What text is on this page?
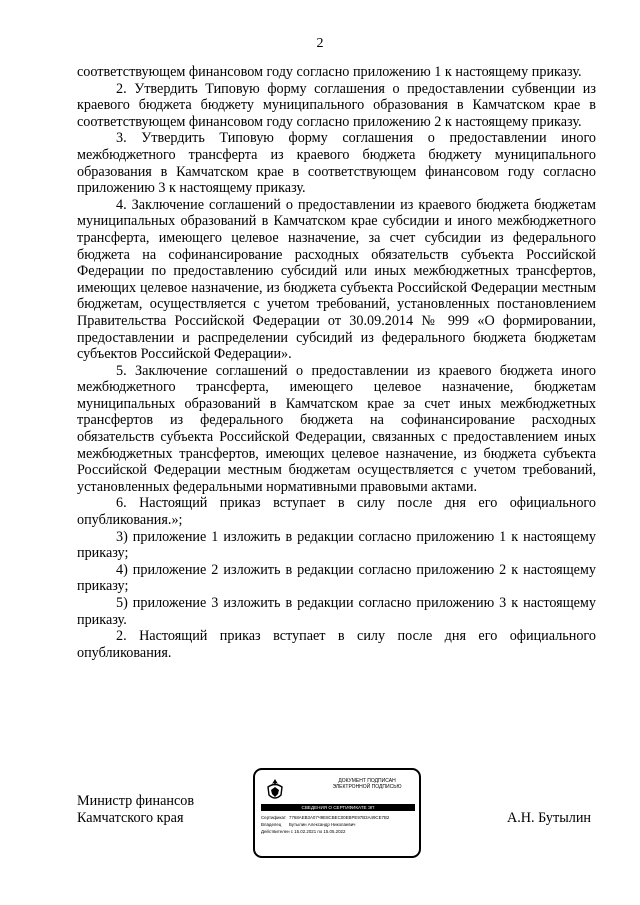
2

соответствующем финансовом году согласно приложению 1 к настоящему приказу.

2. Утвердить Типовую форму соглашения о предоставлении субвенции из краевого бюджета бюджету муниципального образования в Камчатском крае в соответствующем финансовом году согласно приложению 2 к настоящему приказу.

3. Утвердить Типовую форму соглашения о предоставлении иного межбюджетного трансферта из краевого бюджета бюджету муниципального образования в Камчатском крае в соответствующем финансовом году согласно приложению 3 к настоящему приказу.

4. Заключение соглашений о предоставлении из краевого бюджета бюджетам муниципальных образований в Камчатском крае субсидии и иного межбюджетного трансферта, имеющего целевое назначение, за счет субсидии из федерального бюджета на софинансирование расходных обязательств субъекта Российской Федерации по предоставлению субсидий или иных межбюджетных трансфертов, имеющих целевое назначение, из бюджета субъекта Российской Федерации местным бюджетам, осуществляется с учетом требований, установленных постановлением Правительства Российской Федерации от 30.09.2014 № 999 «О формировании, предоставлении и распределении субсидий из федерального бюджета бюджетам субъектов Российской Федерации».

5. Заключение соглашений о предоставлении из краевого бюджета иного межбюджетного трансферта, имеющего целевое назначение, бюджетам муниципальных образований в Камчатском крае за счет иных межбюджетных трансфертов из федерального бюджета на софинансирование расходных обязательств субъекта Российской Федерации, связанных с предоставлением иных межбюджетных трансфертов, имеющих целевое назначение, из бюджета субъекта Российской Федерации местным бюджетам осуществляется с учетом требований, установленных федеральными нормативными правовыми актами.

6. Настоящий приказ вступает в силу после дня его официального опубликования.»;

3) приложение 1 изложить в редакции согласно приложению 1 к настоящему приказу;

4) приложение 2 изложить в редакции согласно приложению 2 к настоящему приказу;

5) приложение 3 изложить в редакции согласно приложению 3 к настоящему приказу.

2. Настоящий приказ вступает в силу после дня его официального опубликования.

Министр финансов
Камчатского края
ДОКУМЕНТ ПОДПИСАН
ЭЛЕКТРОННОЙ ПОДПИСЬЮ
СВЕДЕНИЯ О СЕРТИФИКАТЕ ЭП
Сертификат 7768АЕВ3А07Ч9Е8СВЕС00ЕВРЕ97В3А49СЕ7В2
Владелец	Бутылин Александр Николаевич
Действителен с 15.02.2021 по 15.05.2022
А.Н. Бутылин
